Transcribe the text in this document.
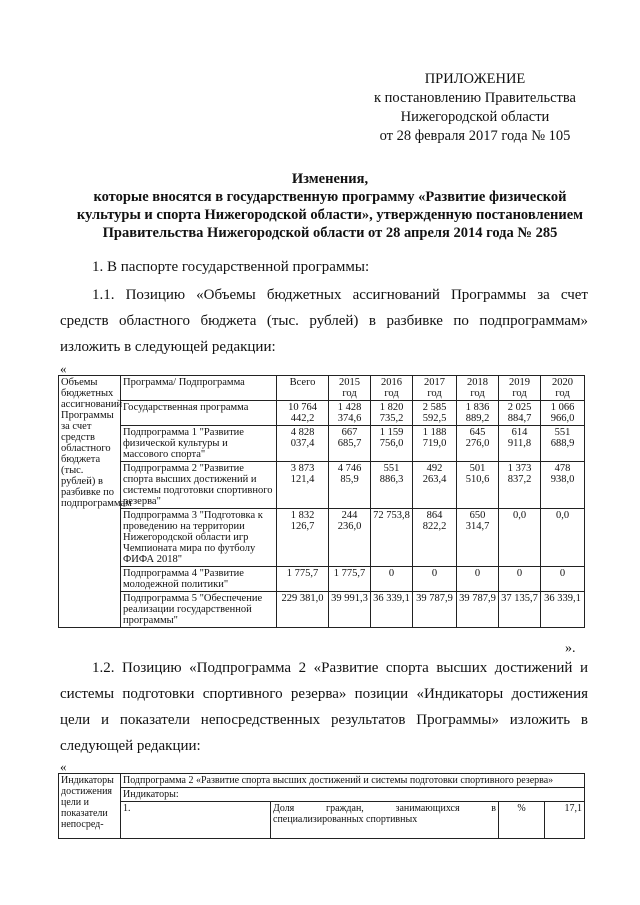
ПРИЛОЖЕНИЕ
к постановлению Правительства
Нижегородской области
от 28 февраля 2017 года № 105
Изменения,
которые вносятся в государственную программу «Развитие физической
культуры и спорта Нижегородской области», утвержденную постановлением
Правительства Нижегородской области от 28 апреля 2014 года № 285
1. В паспорте государственной программы:
1.1. Позицию «Объемы бюджетных ассигнований Программы за счет средств областного бюджета (тыс. рублей) в разбивке по подпрограммам» изложить в следующей редакции:
«
Объемы бюджетных ассигнований Программы за счет средств областного бюджета (тыс. рублей) в разбивке по подпрограммам	Программа/ Подпрограмма	Всего	2015
год	2016
год	2017
год	2018
год	2019
год	2020
год

	Государственная программа	10 764 442,2	1 428 374,6	1 820 735,2	2 585 592,5	1 836 889,2	2 025 884,7	1 066 966,0
	Подпрограмма 1 "Развитие физической культуры и массового спорта"	4 828 037,4	667 685,7	1 159 756,0	1 188 719,0	645 276,0	614 911,8	551 688,9
	Подпрограмма 2 "Развитие спорта высших достижений и системы подготовки спортивного резерва"	3 873 121,4	4 746 85,9	551 886,3	492 263,4	501 510,6	1 373 837,2	478 938,0
	Подпрограмма 3 "Подготовка к проведению на территории Нижегородской области игр Чемпионата мира по футболу ФИФА 2018"	1 832 126,7	244 236,0	72 753,8	864 822,2	650 314,7	0,0	0,0
	Подпрограмма 4 "Развитие молодежной политики"	1 775,7	1 775,7	0	0	0	0	0
	Подпрограмма 5 "Обеспечение реализации государственной программы"	229 381,0	39 991,3	36 339,1	39 787,9	39 787,9	37 135,7	36 339,1
».
1.2. Позицию «Подпрограмма 2 «Развитие спорта высших достижений и системы подготовки спортивного резерва» позиции «Индикаторы достижения цели и показатели непосредственных результатов Программы» изложить в следующей редакции:
«
Индикаторы достижения цели и показатели непосред-	Подпрограмма 2 «Развитие спорта высших достижений и системы подготовки спортивного резерва»			
	Индикаторы:			
	1.	Доля граждан, занимающихся в специализированных спортивных	%	17,1
